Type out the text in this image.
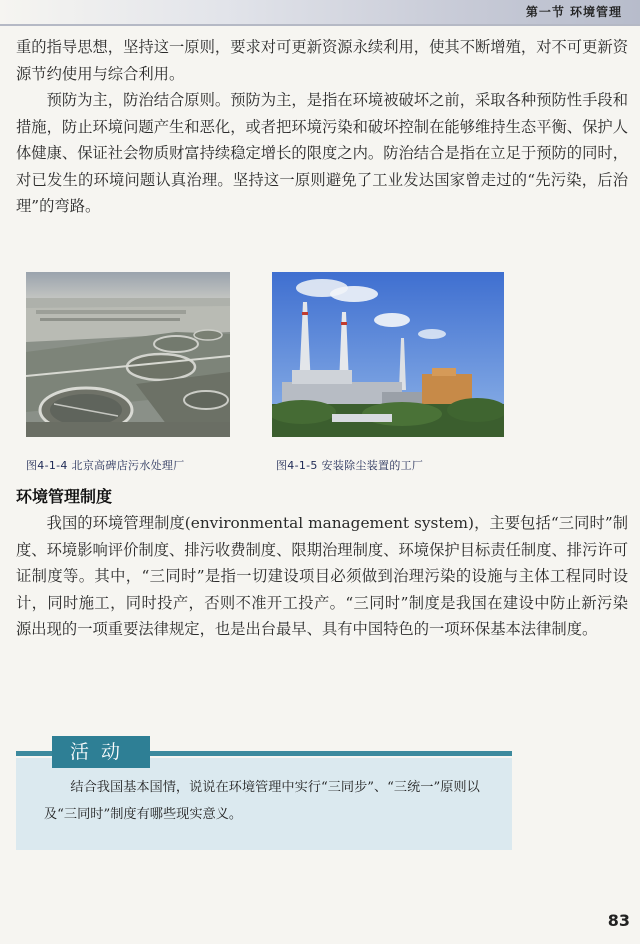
第一节 环境管理

重的指导思想，坚持这一原则，要求对可更新资源永续利用，使其不断增殖，对不可更新资源节约使用与综合利用。

预防为主，防治结合原则。预防为主，是指在环境被破坏之前，采取各种预防性手段和措施，防止环境问题产生和恶化，或者把环境污染和破坏控制在能够维持生态平衡、保护人体健康、保证社会物质财富持续稳定增长的限度之内。防治结合是指在立足于预防的同时，对已发生的环境问题认真治理。坚持这一原则避免了工业发达国家曾走过的“先污染，后治理”的弯路。

图4-1-4 北京高碑店污水处理厂	图4-1-5 安装除尘装置的工厂
环境管理制度

我国的环境管理制度(environmental management system)，主要包括“三同时”制度、环境影响评价制度、排污收费制度、限期治理制度、环境保护目标责任制度、排污许可证制度等。其中，“三同时”是指一切建设项目必须做到治理污染的设施与主体工程同时设计，同时施工，同时投产，否则不准开工投产。“三同时”制度是我国在建设中防止新污染源出现的一项重要法律规定，也是出台最早、具有中国特色的一项环保基本法律制度。

活动

结合我国基本国情，说说在环境管理中实行“三同步”、“三统一”原则以及“三同时”制度有哪些现实意义。

83
